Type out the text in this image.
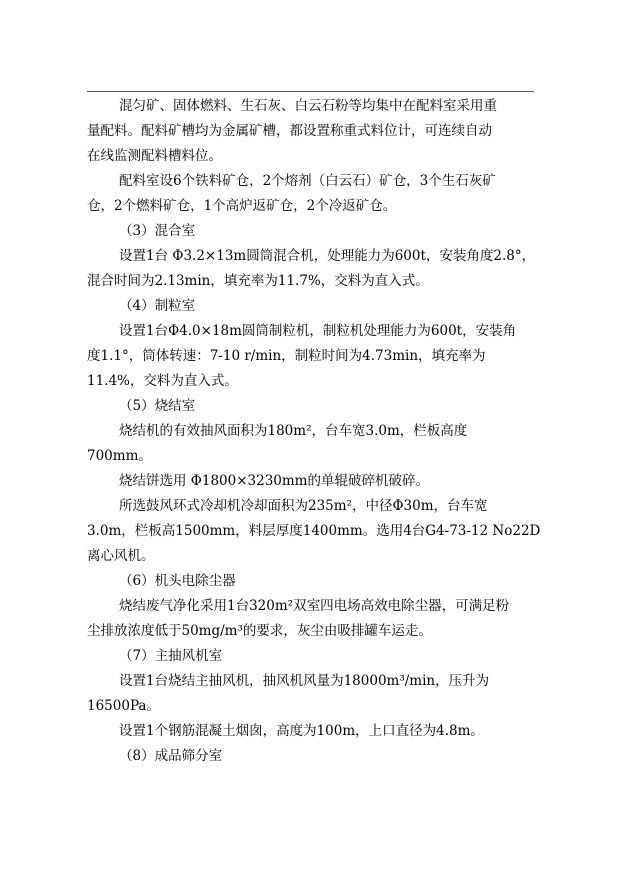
混匀矿、固体燃料、生石灰、白云石粉等均集中在配料室采用重

量配料。配料矿槽均为金属矿槽，都设置称重式料位计，可连续自动

在线监测配料槽料位。

配料室设6个铁料矿仓，2个熔剂（白云石）矿仓，3个生石灰矿

仓，2个燃料矿仓，1个高炉返矿仓，2个冷返矿仓。

（3）混合室

设置1台 Φ3.2×13m圆筒混合机，处理能力为600t，安装角度2.8°，

混合时间为2.13min，填充率为11.7%，交料为直入式。

（4）制粒室

设置1台Φ4.0×18m圆筒制粒机，制粒机处理能力为600t，安装角

度1.1°，筒体转速：7-10 r/min，制粒时间为4.73min，填充率为

11.4%，交料为直入式。

（5）烧结室

烧结机的有效抽风面积为180m²，台车宽3.0m，栏板高度

700mm。

烧结饼选用 Φ1800×3230mm的单辊破碎机破碎。

所选鼓风环式冷却机冷却面积为235m²，中径Φ30m，台车宽

3.0m，栏板高1500mm，料层厚度1400mm。选用4台G4-73-12 No22D

离心风机。

（6）机头电除尘器

烧结废气净化采用1台320m²双室四电场高效电除尘器，可满足粉

尘排放浓度低于50mg/m³的要求，灰尘由吸排罐车运走。

（7）主抽风机室

设置1台烧结主抽风机，抽风机风量为18000m³/min，压升为

16500Pa。

设置1个钢筋混凝土烟囱，高度为100m，上口直径为4.8m。

（8）成品筛分室
